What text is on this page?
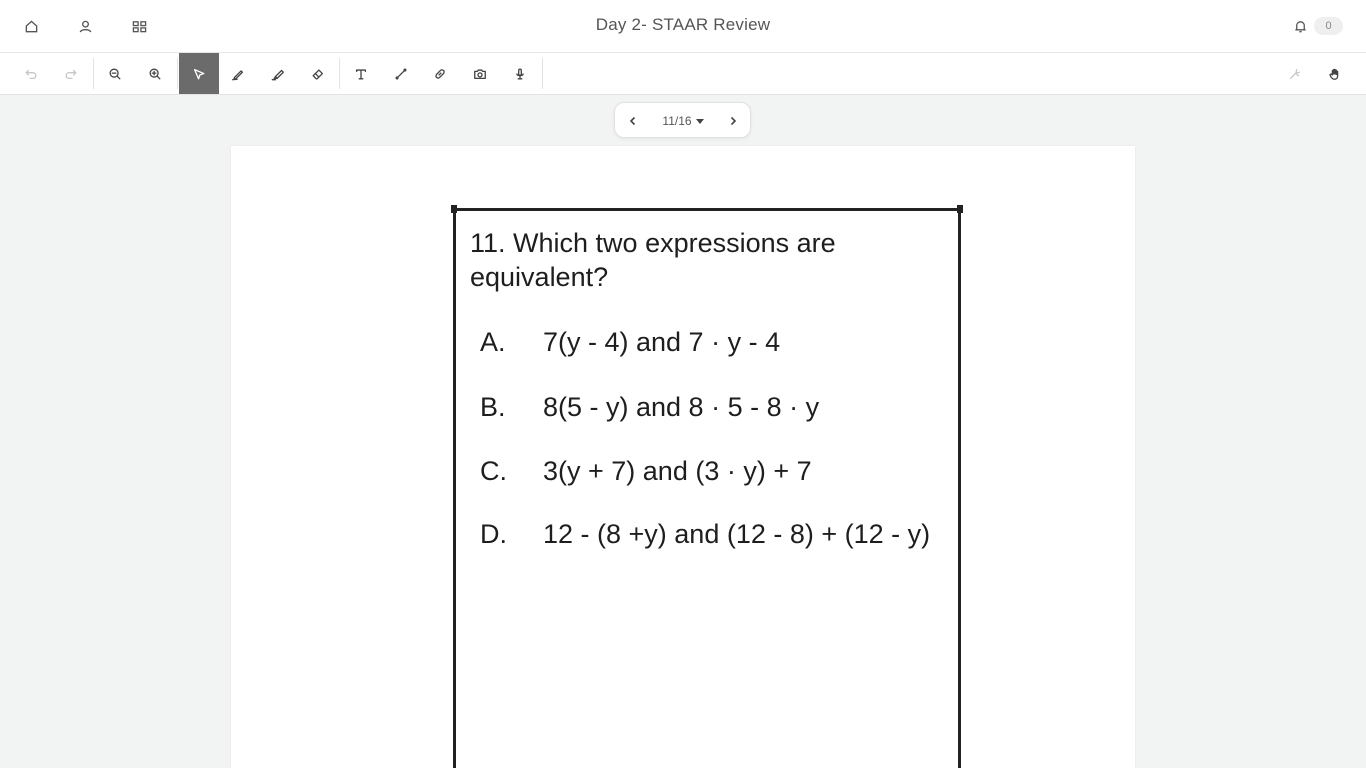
Day 2- STAAR Review	0
11/16
11. Which two expressions are
equivalent?
A. 7(y - 4) and 7 · y - 4
B. 8(5 - y) and 8 · 5 - 8 · y
C. 3(y + 7) and (3 · y) + 7
D. 12 - (8 +y) and (12 - 8) + (12 - y)
